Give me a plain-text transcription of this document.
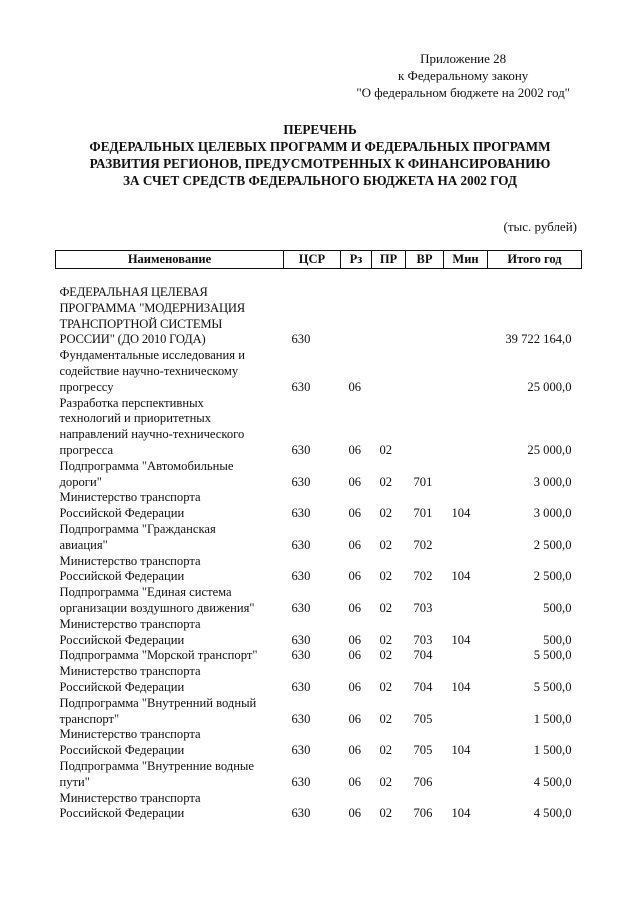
Приложение 28
к Федеральному закону
"О федеральном бюджете на 2002 год"
ПЕРЕЧЕНЬ
ФЕДЕРАЛЬНЫХ ЦЕЛЕВЫХ ПРОГРАММ И ФЕДЕРАЛЬНЫХ ПРОГРАММ
РАЗВИТИЯ РЕГИОНОВ, ПРЕДУСМОТРЕННЫХ К ФИНАНСИРОВАНИЮ
ЗА СЧЕТ СРЕДСТВ ФЕДЕРАЛЬНОГО БЮДЖЕТА НА 2002 ГОД
(тыс. рублей)
Наименование	ЦСР	Рз	ПР	ВР	Мин	Итого год

ФЕДЕРАЛЬНАЯ ЦЕЛЕВАЯ
ПРОГРАММА "МОДЕРНИЗАЦИЯ
ТРАНСПОРТНОЙ СИСТЕМЫ
РОССИИ" (ДО 2010 ГОДА)	630					39 722 164,0

Фундаментальные исследования и
содействие научно-техническому
прогрессу	630	06				25 000,0

Разработка перспективных
технологий и приоритетных
направлений научно-технического
прогресса	630	06	02			25 000,0

Подпрограмма "Автомобильные
дороги"	630	06	02	701		3 000,0

Министерство транспорта
Российской Федерации	630	06	02	701	104	3 000,0

Подпрограмма "Гражданская
авиация"	630	06	02	702		2 500,0

Министерство транспорта
Российской Федерации	630	06	02	702	104	2 500,0

Подпрограмма "Единая система
организации воздушного движения"	630	06	02	703		500,0

Министерство транспорта
Российской Федерации	630	06	02	703	104	500,0

Подпрограмма "Морской транспорт"	630	06	02	704		5 500,0

Министерство транспорта
Российской Федерации	630	06	02	704	104	5 500,0

Подпрограмма "Внутренний водный
транспорт"	630	06	02	705		1 500,0

Министерство транспорта
Российской Федерации	630	06	02	705	104	1 500,0

Подпрограмма "Внутренние водные
пути"	630	06	02	706		4 500,0

Министерство транспорта
Российской Федерации	630	06	02	706	104	4 500,0
